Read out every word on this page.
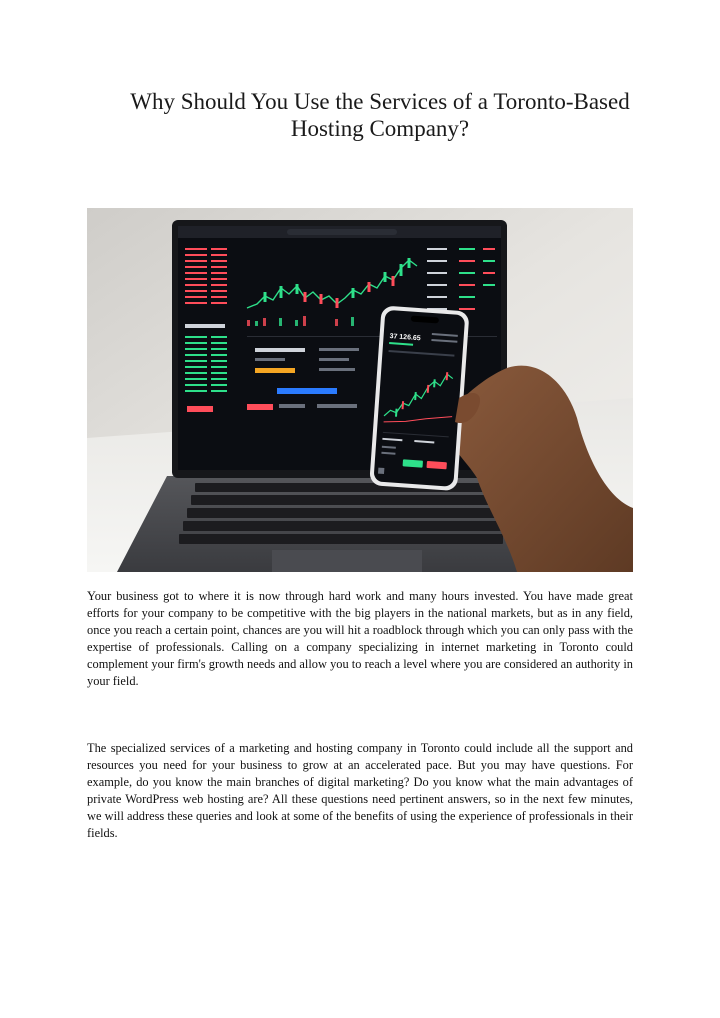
Why Should You Use the Services of a Toronto-Based Hosting Company?
37 126.65

Your business got to where it is now through hard work and many hours invested. You have made great efforts for your company to be competitive with the big players in the national markets, but as in any field, once you reach a certain point, chances are you will hit a roadblock through which you can only pass with the expertise of professionals. Calling on a company specializing in internet marketing in Toronto could complement your firm's growth needs and allow you to reach a level where you are considered an authority in your field.

The specialized services of a marketing and hosting company in Toronto could include all the support and resources you need for your business to grow at an accelerated pace. But you may have questions. For example, do you know the main branches of digital marketing? Do you know what the main advantages of private WordPress web hosting are? All these questions need pertinent answers, so in the next few minutes, we will address these queries and look at some of the benefits of using the experience of professionals in their fields.
